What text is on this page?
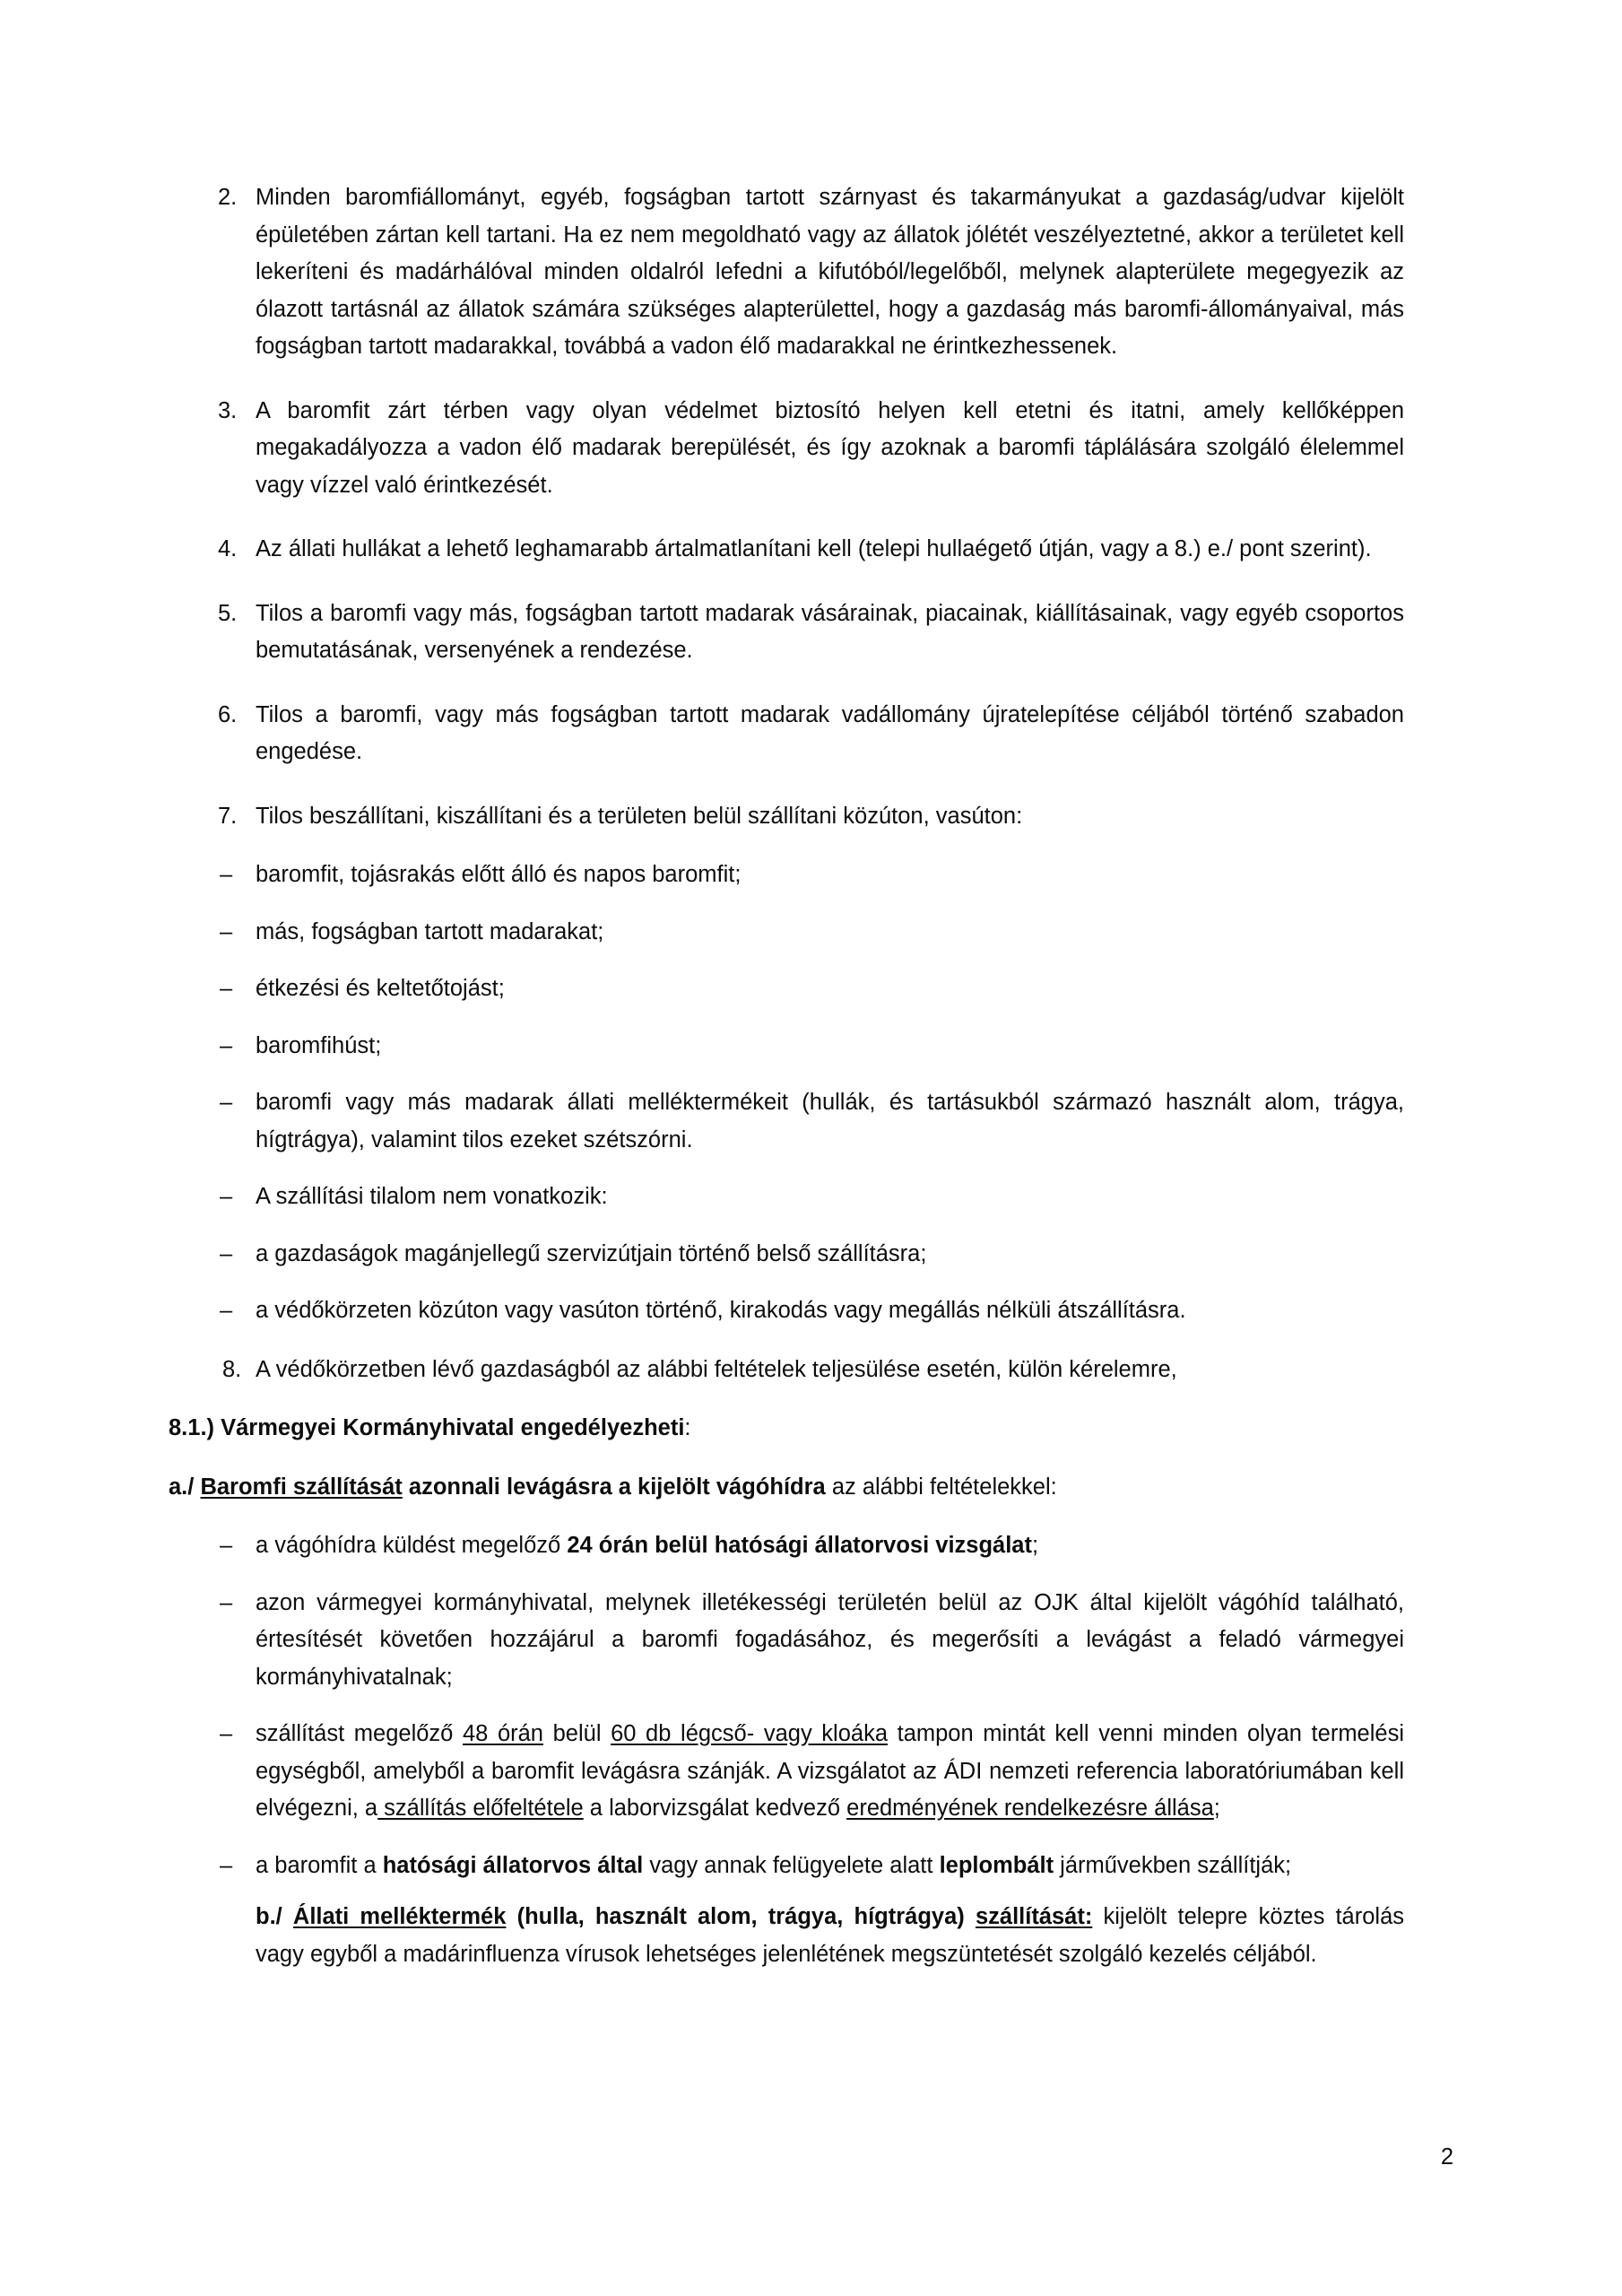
2. Minden baromfiállományt, egyéb, fogságban tartott szárnyast és takarmányukat a gazdaság/udvar kijelölt épületében zártan kell tartani. Ha ez nem megoldható vagy az állatok jólétét veszélyeztetné, akkor a területet kell lekeríteni és madárhálóval minden oldalról lefedni a kifutóból/legelőből, melynek alapterülete megegyezik az ólazott tartásnál az állatok számára szükséges alapterülettel, hogy a gazdaság más baromfi-állományaival, más fogságban tartott madarakkal, továbbá a vadon élő madarakkal ne érintkezhessenek.

3. A baromfit zárt térben vagy olyan védelmet biztosító helyen kell etetni és itatni, amely kellőképpen megakadályozza a vadon élő madarak berepülését, és így azoknak a baromfi táplálására szolgáló élelemmel vagy vízzel való érintkezését.

4. Az állati hullákat a lehető leghamarabb ártalmatlanítani kell (telepi hullaégető útján, vagy a 8.) e./ pont szerint).

5. Tilos a baromfi vagy más, fogságban tartott madarak vásárainak, piacainak, kiállításainak, vagy egyéb csoportos bemutatásának, versenyének a rendezése.

6. Tilos a baromfi, vagy más fogságban tartott madarak vadállomány újratelepítése céljából történő szabadon engedése.

7. Tilos beszállítani, kiszállítani és a területen belül szállítani közúton, vasúton:

–	baromfit, tojásrakás előtt álló és napos baromfit;

–	más, fogságban tartott madarakat;

–	étkezési és keltetőtojást;

–	baromfihúst;

–	baromfi vagy más madarak állati melléktermékeit (hullák, és tartásukból származó használt alom, trágya, hígtrágya), valamint tilos ezeket szétszórni.

–	A szállítási tilalom nem vonatkozik:

–	a gazdaságok magánjellegű szervizútjain történő belső szállításra;

–	a védőkörzeten közúton vagy vasúton történő, kirakodás vagy megállás nélküli átszállításra.

8. A védőkörzetben lévő gazdaságból az alábbi feltételek teljesülése esetén, külön kérelemre,

8.1.) Vármegyei Kormányhivatal engedélyezheti:

a./ Baromfi szállítását azonnali levágásra a kijelölt vágóhídra az alábbi feltételekkel:

–	a vágóhídra küldést megelőző 24 órán belül hatósági állatorvosi vizsgálat;

–	azon vármegyei kormányhivatal, melynek illetékességi területén belül az OJK által kijelölt vágóhíd található, értesítését követően hozzájárul a baromfi fogadásához, és megerősíti a levágást a feladó vármegyei kormányhivatalnak;

–	szállítást megelőző 48 órán belül 60 db légcső- vagy kloáka tampon mintát kell venni minden olyan termelési egységből, amelyből a baromfit levágásra szánják. A vizsgálatot az ÁDI nemzeti referencia laboratóriumában kell elvégezni, a szállítás előfeltétele a laborvizsgálat kedvező eredményének rendelkezésre állása;

–	a baromfit a hatósági állatorvos által vagy annak felügyelete alatt leplombált járművekben szállítják;

b./ Állati melléktermék (hulla, használt alom, trágya, hígtrágya) szállítását: kijelölt telepre köztes tárolás vagy egyből a madárinfluenza vírusok lehetséges jelenlétének megszüntetését szolgáló kezelés céljából.

2
